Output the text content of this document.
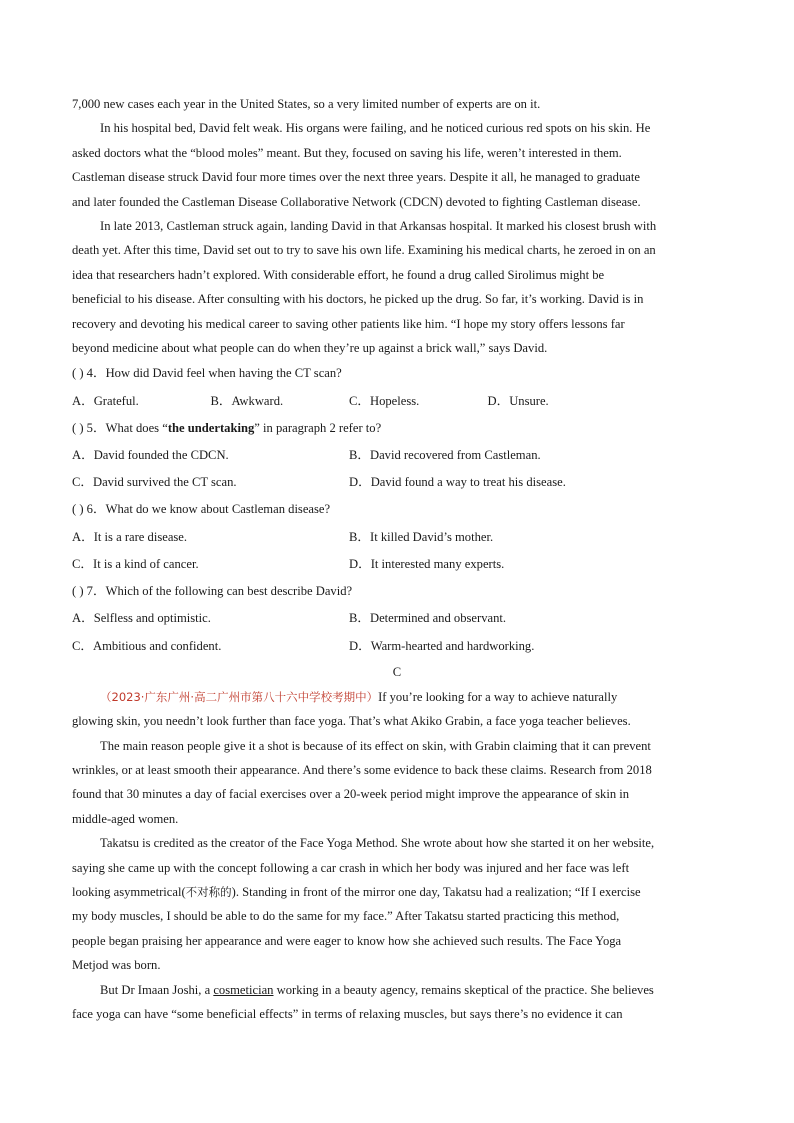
7,000 new cases each year in the United States, so a very limited number of experts are on it.

In his hospital bed, David felt weak. His organs were failing, and he noticed curious red spots on his skin. He

asked doctors what the “blood moles” meant. But they, focused on saving his life, weren’t interested in them.

Castleman disease struck David four more times over the next three years. Despite it all, he managed to graduate

and later founded the Castleman Disease Collaborative Network (CDCN) devoted to fighting Castleman disease.

In late 2013, Castleman struck again, landing David in that Arkansas hospital. It marked his closest brush with

death yet. After this time, David set out to try to save his own life. Examining his medical charts, he zeroed in on an

idea that researchers hadn’t explored. With considerable effort, he found a drug called Sirolimus might be

beneficial to his disease. After consulting with his doctors, he picked up the drug. So far, it’s working. David is in

recovery and devoting his medical career to saving other patients like him. “I hope my story offers lessons far

beyond medicine about what people can do when they’re up against a brick wall,” says David.

( ) 4．How did David feel when having the CT scan?

A．Grateful.	B．Awkward.	C．Hopeless.	D．Unsure.

( ) 5．What does “the undertaking” in paragraph 2 refer to?

A．David founded the CDCN.	B．David recovered from Castleman.
C．David survived the CT scan.	D．David found a way to treat his disease.

( ) 6．What do we know about Castleman disease?

A．It is a rare disease.	B．It killed David’s mother.
C．It is a kind of cancer.	D．It interested many experts.

( ) 7．Which of the following can best describe David?

A．Selfless and optimistic.	B．Determined and observant.
C．Ambitious and confident.	D．Warm-hearted and hardworking.

C

（2023·广东广州·高二广州市第八十六中学校考期中）If you’re looking for a way to achieve naturally

glowing skin, you needn’t look further than face yoga. That’s what Akiko Grabin, a face yoga teacher believes.

The main reason people give it a shot is because of its effect on skin, with Grabin claiming that it can prevent

wrinkles, or at least smooth their appearance. And there’s some evidence to back these claims. Research from 2018

found that 30 minutes a day of facial exercises over a 20-week period might improve the appearance of skin in

middle-aged women.

Takatsu is credited as the creator of the Face Yoga Method. She wrote about how she started it on her website,

saying she came up with the concept following a car crash in which her body was injured and her face was left

looking asymmetrical(不对称的). Standing in front of the mirror one day, Takatsu had a realization; “If I exercise

my body muscles, I should be able to do the same for my face.” After Takatsu started practicing this method,

people began praising her appearance and were eager to know how she achieved such results. The Face Yoga

Metjod was born.

But Dr Imaan Joshi, a cosmetician working in a beauty agency, remains skeptical of the practice. She believes

face yoga can have “some beneficial effects” in terms of relaxing muscles, but says there’s no evidence it can
